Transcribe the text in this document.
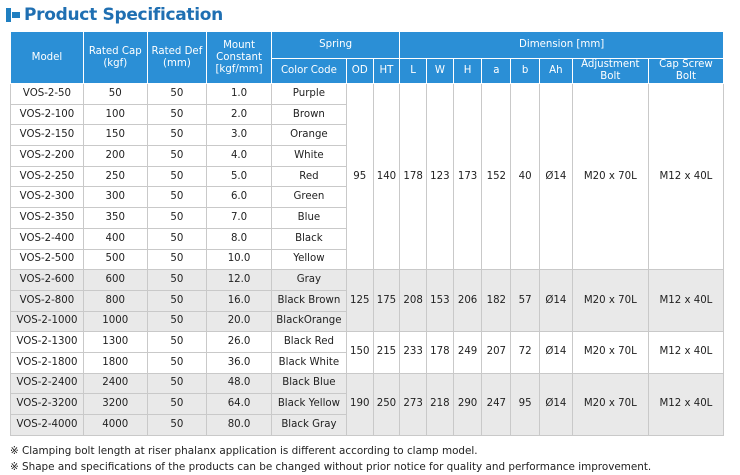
Product Specification
Model	Rated Cap (kgf)	Rated Def (mm)	Mount Constant [kgf/mm]	Spring			Dimension [mm]							
				Color Code	OD	HT	L	W	H	a	b	Ah	Adjustment Bolt	Cap Screw Bolt
VOS-2-50	50	50	1.0	Purple	95	140	178	123	173	152	40	Ø14	M20 x 70L	M12 x 40L
VOS-2-100	100	50	2.0	Brown										
VOS-2-150	150	50	3.0	Orange										
VOS-2-200	200	50	4.0	White										
VOS-2-250	250	50	5.0	Red										
VOS-2-300	300	50	6.0	Green										
VOS-2-350	350	50	7.0	Blue										
VOS-2-400	400	50	8.0	Black										
VOS-2-500	500	50	10.0	Yellow										
VOS-2-600	600	50	12.0	Gray	125	175	208	153	206	182	57	Ø14	M20 x 70L	M12 x 40L
VOS-2-800	800	50	16.0	Black Brown										
VOS-2-1000	1000	50	20.0	BlackOrange										
VOS-2-1300	1300	50	26.0	Black Red	150	215	233	178	249	207	72	Ø14	M20 x 70L	M12 x 40L
VOS-2-1800	1800	50	36.0	Black White										
VOS-2-2400	2400	50	48.0	Black Blue	190	250	273	218	290	247	95	Ø14	M20 x 70L	M12 x 40L
VOS-2-3200	3200	50	64.0	Black Yellow										
VOS-2-4000	4000	50	80.0	Black Gray										
※ Clamping bolt length at riser phalanx application is different according to clamp model.
※ Shape and specifications of the products can be changed without prior notice for quality and performance improvement.
